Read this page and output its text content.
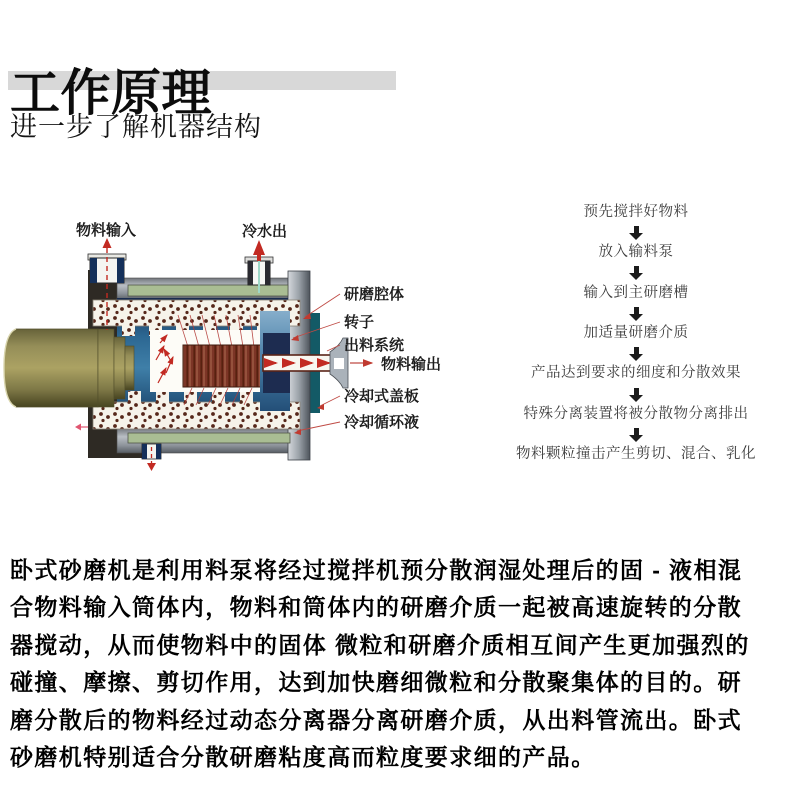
工作原理
进一步了解机器结构
物料输入	冷水出
研磨腔体
转子
出料系统
物料输出
冷却式盖板
冷却循环液
预先搅拌好物料
放入输料泵
输入到主研磨槽
加适量研磨介质
产品达到要求的细度和分散效果
特殊分离装置将被分散物分离排出
物料颗粒撞击产生剪切、混合、乳化
卧式砂磨机是利用料泵将经过搅拌机预分散润湿处理后的固 - 液相混
合物料输入筒体内，物料和筒体内的研磨介质一起被高速旋转的分散
器搅动，从而使物料中的固体 微粒和研磨介质相互间产生更加强烈的
碰撞、摩擦、剪切作用，达到加快磨细微粒和分散聚集体的目的。研
磨分散后的物料经过动态分离器分离研磨介质，从出料管流出。卧式
砂磨机特别适合分散研磨粘度高而粒度要求细的产品。
